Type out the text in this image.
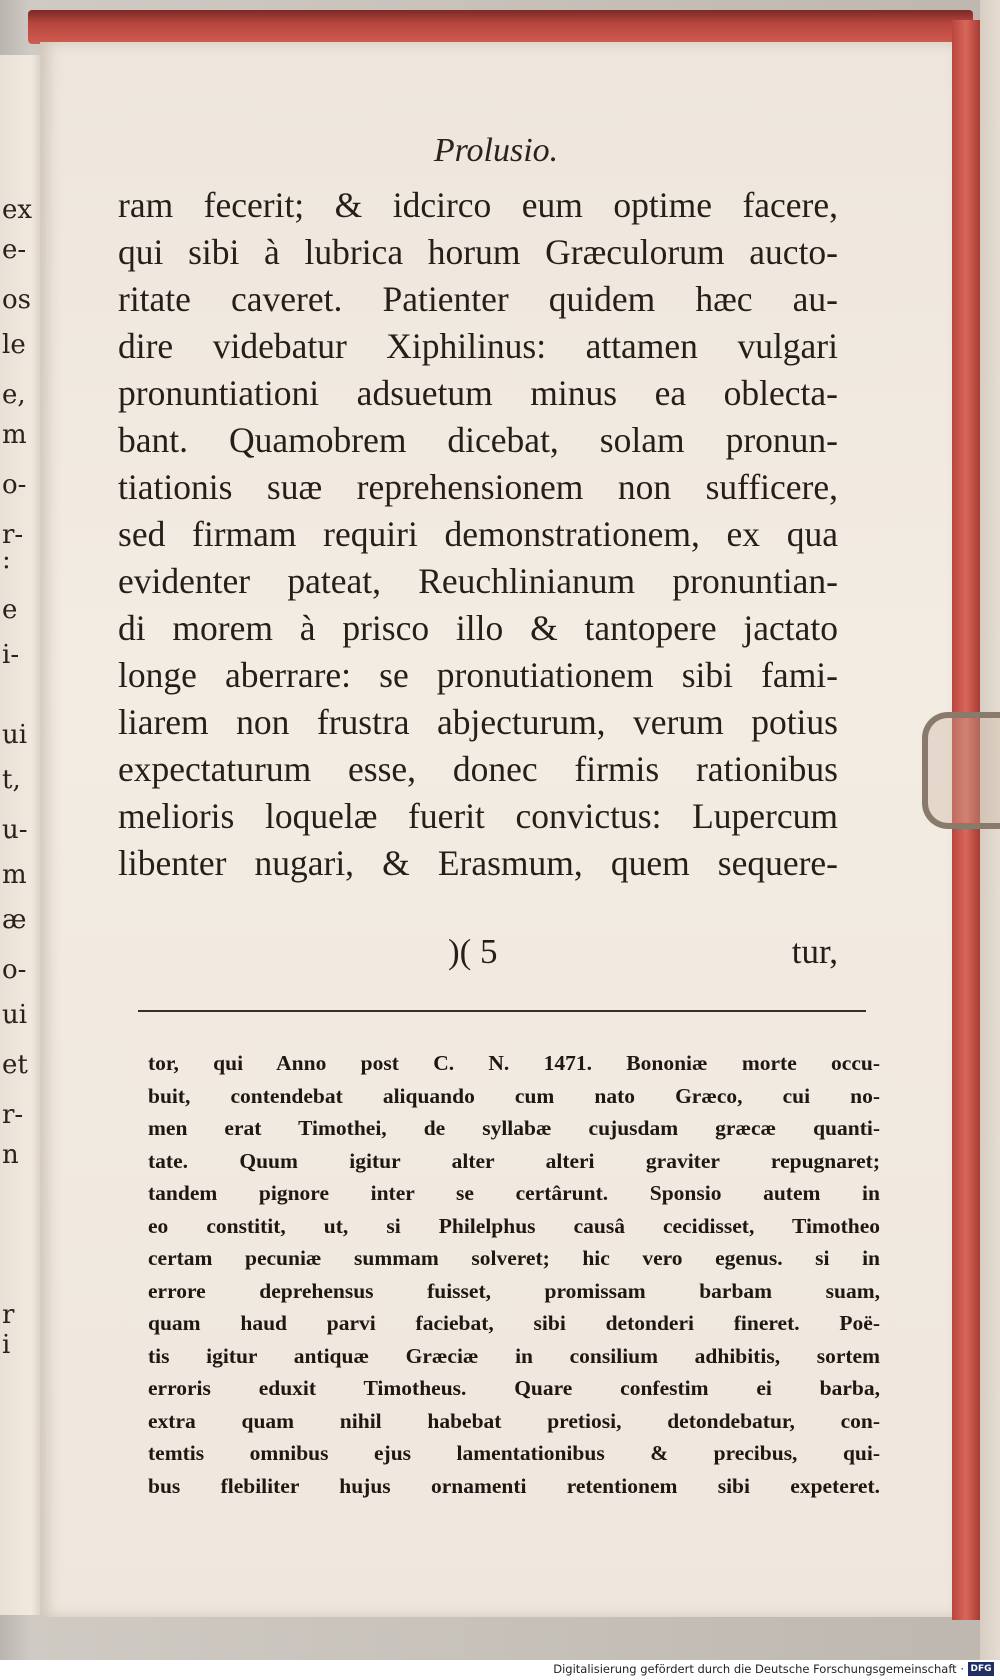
ex
e-
os
le
e,
m
o-
r-
:
e
i-
ui
t,
u-
m
æ
o-
ui
et
r-
n
r
i
Prolusio.
ram fecerit; & idcirco eum optime facere,
qui sibi à lubrica horum Græculorum aucto-
ritate caveret. Patienter quidem hæc au-
dire videbatur Xiphilinus: attamen vulgari
pronuntiationi adsuetum minus ea oblecta-
bant. Quamobrem dicebat, solam pronun-
tiationis suæ reprehensionem non sufficere,
sed firmam requiri demonstrationem, ex qua
evidenter pateat, Reuchlinianum pronuntian-
di morem à prisco illo & tantopere jactato
longe aberrare: se pronutiationem sibi fami-
liarem non frustra abjecturum, verum potius
expectaturum esse, donec firmis rationibus
melioris loquelæ fuerit convictus: Lupercum
libenter nugari, & Erasmum, quem sequere-
)( 5	tur,
tor, qui Anno post C. N. 1471. Bononiæ morte occu-
buit, contendebat aliquando cum nato Græco, cui no-
men erat Timothei, de syllabæ cujusdam græcæ quanti-
tate. Quum igitur alter alteri graviter repugnaret;
tandem pignore inter se certârunt. Sponsio autem in
eo constitit, ut, si Philelphus causâ cecidisset, Timotheo
certam pecuniæ summam solveret; hic vero egenus. si in
errore deprehensus fuisset, promissam barbam suam,
quam haud parvi faciebat, sibi detonderi fineret. Poë-
tis igitur antiquæ Græciæ in consilium adhibitis, sortem
erroris eduxit Timotheus. Quare confestim ei barba,
extra quam nihil habebat pretiosi, detondebatur, con-
temtis omnibus ejus lamentationibus & precibus, qui-
bus flebiliter hujus ornamenti retentionem sibi expeteret.
Digitalisierung gefördert durch die Deutsche Forschungsgemeinschaft · DFG
